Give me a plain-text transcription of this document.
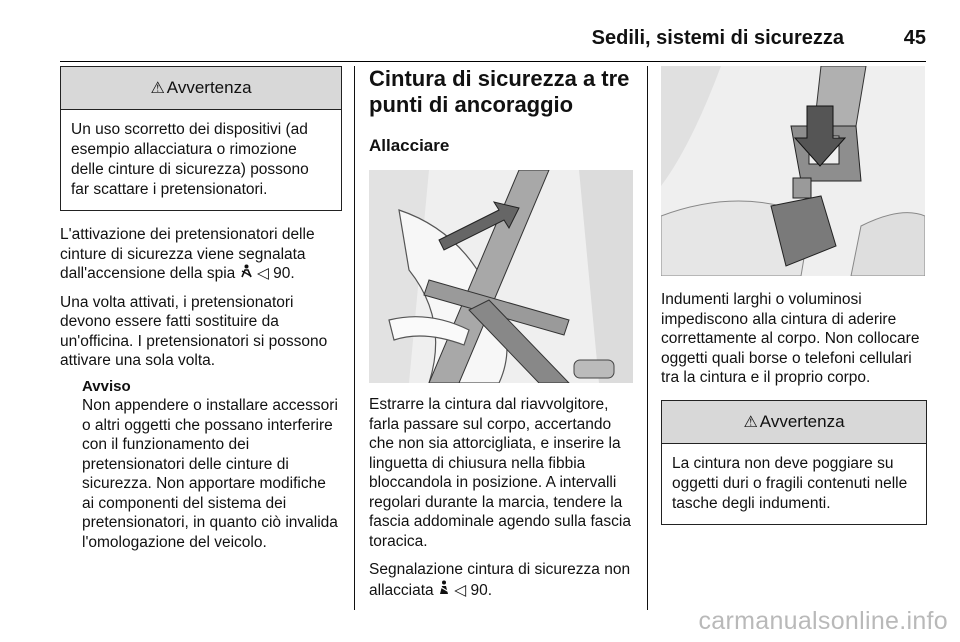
Sedili, sistemi di sicurezza	45
⚠ Avvertenza
Un uso scorretto dei dispositivi (ad esempio allacciatura o rimozione delle cinture di sicurezza) possono far scattare i pretensionatori.

L'attivazione dei pretensionatori delle cinture di sicurezza viene segnalata dall'accensione della spia ◁ 90.

Una volta attivati, i pretensionatori devono essere fatti sostituire da un'officina. I pretensionatori si possono attivare una sola volta.

Avviso

Non appendere o installare accessori o altri oggetti che possano interferire con il funzionamento dei pretensionatori delle cinture di sicurezza. Non apportare modifiche ai componenti del sistema dei pretensionatori, in quanto ciò invalida l'omologazione del veicolo.

Cintura di sicurezza a tre punti di ancoraggio
Allacciare

Estrarre la cintura dal riavvolgitore, farla passare sul corpo, accertando che non sia attorcigliata, e inserire la linguetta di chiusura nella fibbia bloccandola in posizione. A intervalli regolari durante la marcia, tendere la fascia addominale agendo sulla fascia toracica.

Segnalazione cintura di sicurezza non allacciata ◁ 90.

Indumenti larghi o voluminosi impediscono alla cintura di aderire correttamente al corpo. Non collocare oggetti quali borse o telefoni cellulari tra la cintura e il proprio corpo.

⚠ Avvertenza
La cintura non deve poggiare su oggetti duri o fragili contenuti nelle tasche degli indumenti.
carmanualsonline.info
